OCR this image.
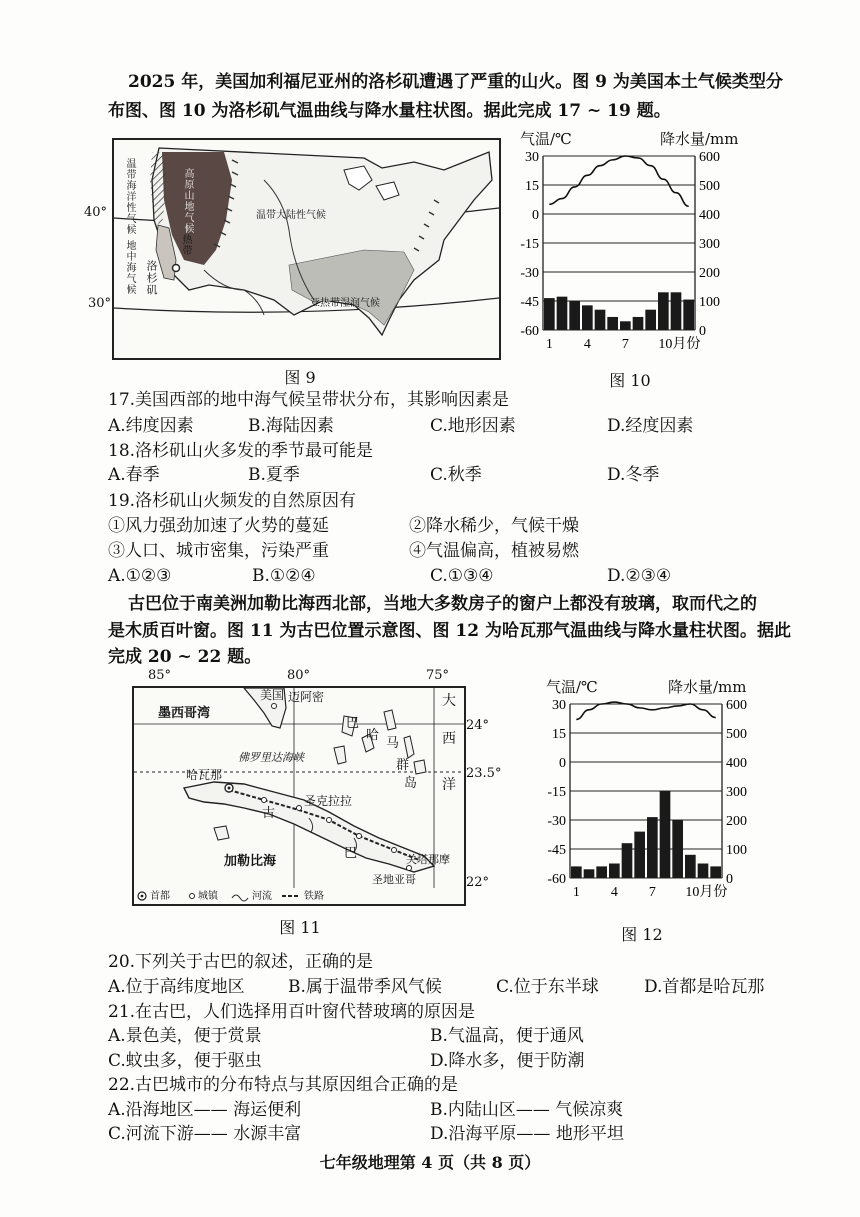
2025 年，美国加利福尼亚州的洛杉矶遭遇了严重的山火。图 9 为美国本土气候类型分
布图、图 10 为洛杉矶气温曲线与降水量柱状图。据此完成 17 ~ 19 题。
温带海洋性气候	高原山地气候
地中海气候
温带大陆性气候
亚热带湿润气候
洛杉矶
热带
40°
30°
图 9
气温/℃	降水量/mm
30	600
15	500
0	400
-15	300
-30	200
-45	100
-60	0
1 4 7 10月份
图 10
17.美国西部的地中海气候呈带状分布，其影响因素是
A.纬度因素	B.海陆因素	C.地形因素	D.经度因素
18.洛杉矶山火多发的季节最可能是
A.春季	B.夏季	C.秋季	D.冬季
19.洛杉矶山火频发的自然原因有
①风力强劲加速了火势的蔓延	②降水稀少，气候干燥
③人口、城市密集，污染严重	④气温偏高，植被易燃
A.①②③	B.①②④	C.①③④	D.②③④
古巴位于南美洲加勒比海西北部，当地大多数房子的窗户上都没有玻璃，取而代之的
是木质百叶窗。图 11 为古巴位置示意图、图 12 为哈瓦那气温曲线与降水量柱状图。据此
完成 20 ~ 22 题。
85°	80°	75°
美国 迈阿密
墨西哥湾
巴
哈
马
群
岛
大
西
洋
佛罗里达海峡
哈瓦那
圣克拉拉
古
巴
加勒比海	关塔那摩
圣地亚哥
首都	城镇	河流	铁路
24°
23.5°
22°
图 11
气温/℃	降水量/mm
30	600
15	500
0	400
-15	300
-30	200
-45	100
-60	0
1 4 7 10月份
图 12
20.下列关于古巴的叙述，正确的是
A.位于高纬度地区	B.属于温带季风气候	C.位于东半球	D.首都是哈瓦那
21.在古巴，人们选择用百叶窗代替玻璃的原因是
A.景色美，便于赏景	B.气温高，便于通风
C.蚊虫多，便于驱虫	D.降水多，便于防潮
22.古巴城市的分布特点与其原因组合正确的是
A.沿海地区—— 海运便利	B.内陆山区—— 气候凉爽
C.河流下游—— 水源丰富	D.沿海平原—— 地形平坦
七年级地理第 4 页（共 8 页）
